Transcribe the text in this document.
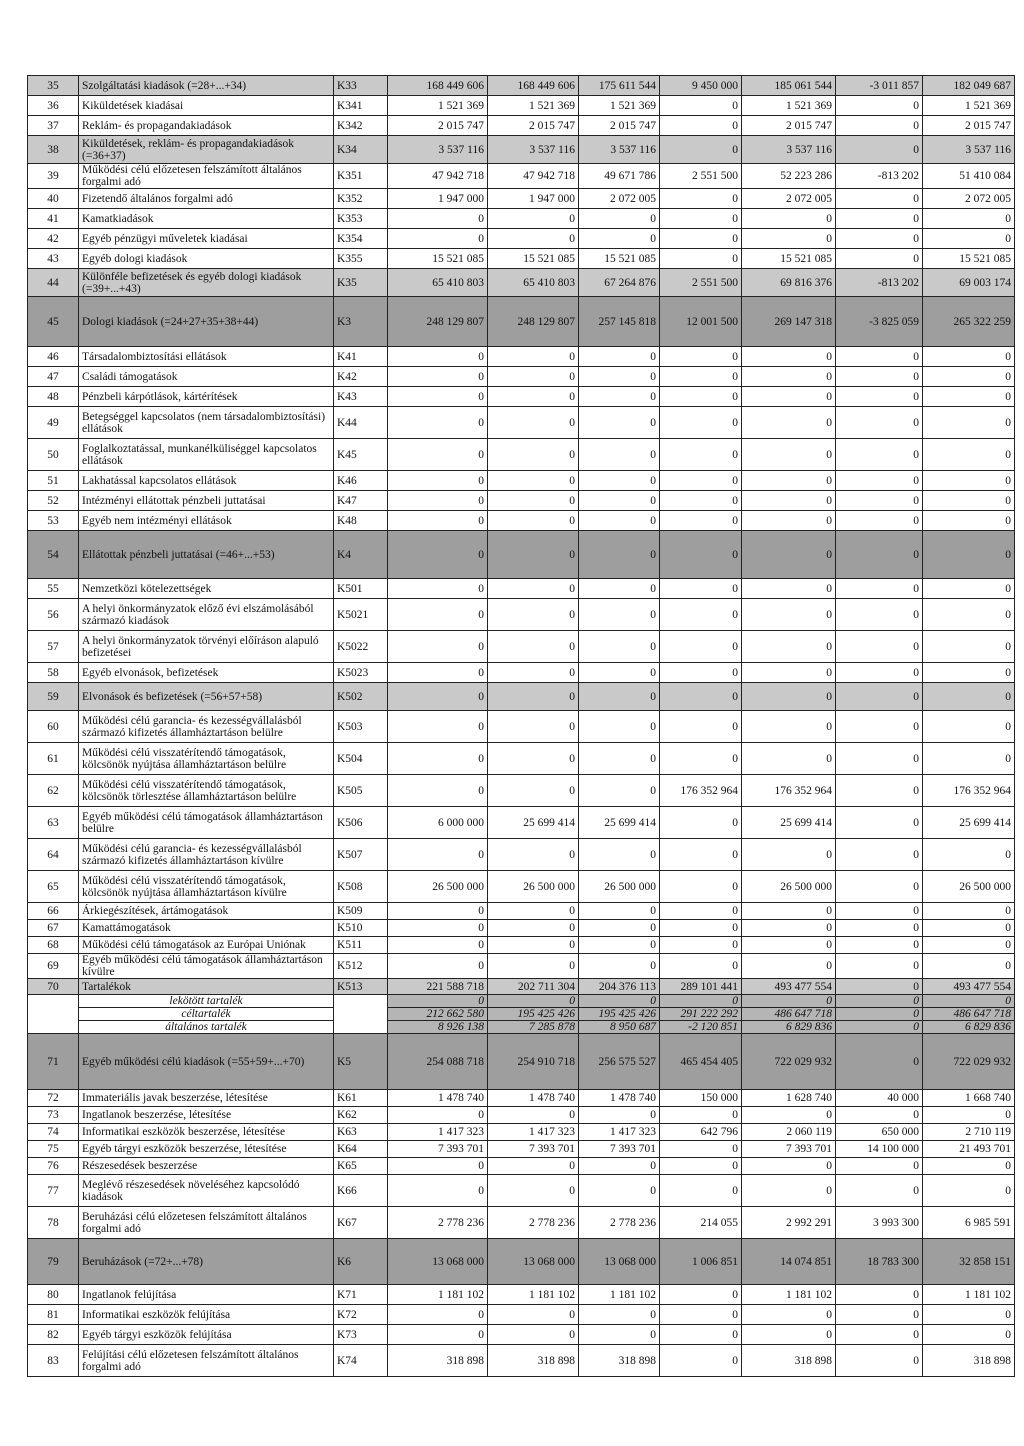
35	Szolgáltatási kiadások (=28+...+34)	K33	168 449 606	168 449 606	175 611 544	9 450 000	185 061 544	-3 011 857	182 049 687
36	Kiküldetések kiadásai	K341	1 521 369	1 521 369	1 521 369	0	1 521 369	0	1 521 369
37	Reklám- és propagandakiadások	K342	2 015 747	2 015 747	2 015 747	0	2 015 747	0	2 015 747
38	Kiküldetések, reklám- és propagandakiadások (=36+37)	K34	3 537 116	3 537 116	3 537 116	0	3 537 116	0	3 537 116
39	Működési célú előzetesen felszámított általános forgalmi adó	K351	47 942 718	47 942 718	49 671 786	2 551 500	52 223 286	-813 202	51 410 084
40	Fizetendő általános forgalmi adó	K352	1 947 000	1 947 000	2 072 005	0	2 072 005	0	2 072 005
41	Kamatkiadások	K353	0	0	0	0	0	0	0
42	Egyéb pénzügyi műveletek kiadásai	K354	0	0	0	0	0	0	0
43	Egyéb dologi kiadások	K355	15 521 085	15 521 085	15 521 085	0	15 521 085	0	15 521 085
44	Különféle befizetések és egyéb dologi kiadások (=39+...+43)	K35	65 410 803	65 410 803	67 264 876	2 551 500	69 816 376	-813 202	69 003 174
45	Dologi kiadások (=24+27+35+38+44)	K3	248 129 807	248 129 807	257 145 818	12 001 500	269 147 318	-3 825 059	265 322 259
46	Társadalombiztosítási ellátások	K41	0	0	0	0	0	0	0
47	Családi támogatások	K42	0	0	0	0	0	0	0
48	Pénzbeli kárpótlások, kártérítések	K43	0	0	0	0	0	0	0
49	Betegséggel kapcsolatos (nem társadalombiztosítási) ellátások	K44	0	0	0	0	0	0	0
50	Foglalkoztatással, munkanélküliséggel kapcsolatos ellátások	K45	0	0	0	0	0	0	0
51	Lakhatással kapcsolatos ellátások	K46	0	0	0	0	0	0	0
52	Intézményi ellátottak pénzbeli juttatásai	K47	0	0	0	0	0	0	0
53	Egyéb nem intézményi ellátások	K48	0	0	0	0	0	0	0
54	Ellátottak pénzbeli juttatásai (=46+...+53)	K4	0	0	0	0	0	0	0
55	Nemzetközi kötelezettségek	K501	0	0	0	0	0	0	0
56	A helyi önkormányzatok előző évi elszámolásából származó kiadások	K5021	0	0	0	0	0	0	0
57	A helyi önkormányzatok törvényi előíráson alapuló befizetései	K5022	0	0	0	0	0	0	0
58	Egyéb elvonások, befizetések	K5023	0	0	0	0	0	0	0
59	Elvonások és befizetések (=56+57+58)	K502	0	0	0	0	0	0	0
60	Működési célú garancia- és kezességvállalásból származó kifizetés államháztartáson belülre	K503	0	0	0	0	0	0	0
61	Működési célú visszatérítendő támogatások, kölcsönök nyújtása államháztartáson belülre	K504	0	0	0	0	0	0	0
62	Működési célú visszatérítendő támogatások, kölcsönök törlesztése államháztartáson belülre	K505	0	0	0	176 352 964	176 352 964	0	176 352 964
63	Egyéb működési célú támogatások államháztartáson belülre	K506	6 000 000	25 699 414	25 699 414	0	25 699 414	0	25 699 414
64	Működési célú garancia- és kezességvállalásból származó kifizetés államháztartáson kívülre	K507	0	0	0	0	0	0	0
65	Működési célú visszatérítendő támogatások, kölcsönök nyújtása államháztartáson kívülre	K508	26 500 000	26 500 000	26 500 000	0	26 500 000	0	26 500 000
66	Árkiegészítések, ártámogatások	K509	0	0	0	0	0	0	0
67	Kamattámogatások	K510	0	0	0	0	0	0	0
68	Működési célú támogatások az Európai Uniónak	K511	0	0	0	0	0	0	0
69	Egyéb működési célú támogatások államháztartáson kívülre	K512	0	0	0	0	0	0	0
70	Tartalékok	K513	221 588 718	202 711 304	204 376 113	289 101 441	493 477 554	0	493 477 554
	lekötött tartalék		0	0	0	0	0	0	0
	céltartalék		212 662 580	195 425 426	195 425 426	291 222 292	486 647 718	0	486 647 718
	általános tartalék		8 926 138	7 285 878	8 950 687	-2 120 851	6 829 836	0	6 829 836
71	Egyéb működési célú kiadások (=55+59+...+70)	K5	254 088 718	254 910 718	256 575 527	465 454 405	722 029 932	0	722 029 932
72	Immateriális javak beszerzése, létesítése	K61	1 478 740	1 478 740	1 478 740	150 000	1 628 740	40 000	1 668 740
73	Ingatlanok beszerzése, létesítése	K62	0	0	0	0	0	0	0
74	Informatikai eszközök beszerzése, létesítése	K63	1 417 323	1 417 323	1 417 323	642 796	2 060 119	650 000	2 710 119
75	Egyéb tárgyi eszközök beszerzése, létesítése	K64	7 393 701	7 393 701	7 393 701	0	7 393 701	14 100 000	21 493 701
76	Részesedések beszerzése	K65	0	0	0	0	0	0	0
77	Meglévő részesedések növeléséhez kapcsolódó kiadások	K66	0	0	0	0	0	0	0
78	Beruházási célú előzetesen felszámított általános forgalmi adó	K67	2 778 236	2 778 236	2 778 236	214 055	2 992 291	3 993 300	6 985 591
79	Beruházások (=72+...+78)	K6	13 068 000	13 068 000	13 068 000	1 006 851	14 074 851	18 783 300	32 858 151
80	Ingatlanok felújítása	K71	1 181 102	1 181 102	1 181 102	0	1 181 102	0	1 181 102
81	Informatikai eszközök felújítása	K72	0	0	0	0	0	0	0
82	Egyéb tárgyi eszközök felújítása	K73	0	0	0	0	0	0	0
83	Felújítási célú előzetesen felszámított általános forgalmi adó	K74	318 898	318 898	318 898	0	318 898	0	318 898
